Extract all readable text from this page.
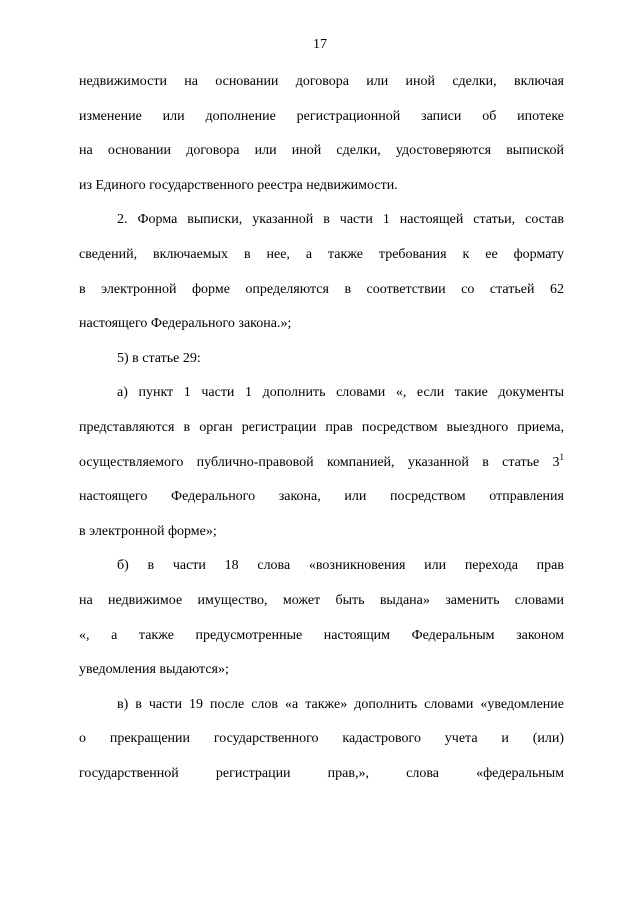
17
недвижимости на основании договора или иной сделки, включая
изменение или дополнение регистрационной записи об ипотеке
на основании договора или иной сделки, удостоверяются выпиской
из Единого государственного реестра недвижимости.
2. Форма выписки, указанной в части 1 настоящей статьи, состав
сведений, включаемых в нее, а также требования к ее формату
в электронной форме определяются в соответствии со статьей 62
настоящего Федерального закона.»;
5) в статье 29:
а) пункт 1 части 1 дополнить словами «, если такие документы
представляются в орган регистрации прав посредством выездного приема,
осуществляемого публично-правовой компанией, указанной в статье $3^1$
настоящего Федерального закона, или посредством отправления
в электронной форме»;
б) в части 18 слова «возникновения или перехода прав
на недвижимое имущество, может быть выдана» заменить словами
«, а также предусмотренные настоящим Федеральным законом
уведомления выдаются»;
в) в части 19 после слов «а также» дополнить словами «уведомление
о прекращении государственного кадастрового учета и (или)
государственной регистрации прав,», слова «федеральным
